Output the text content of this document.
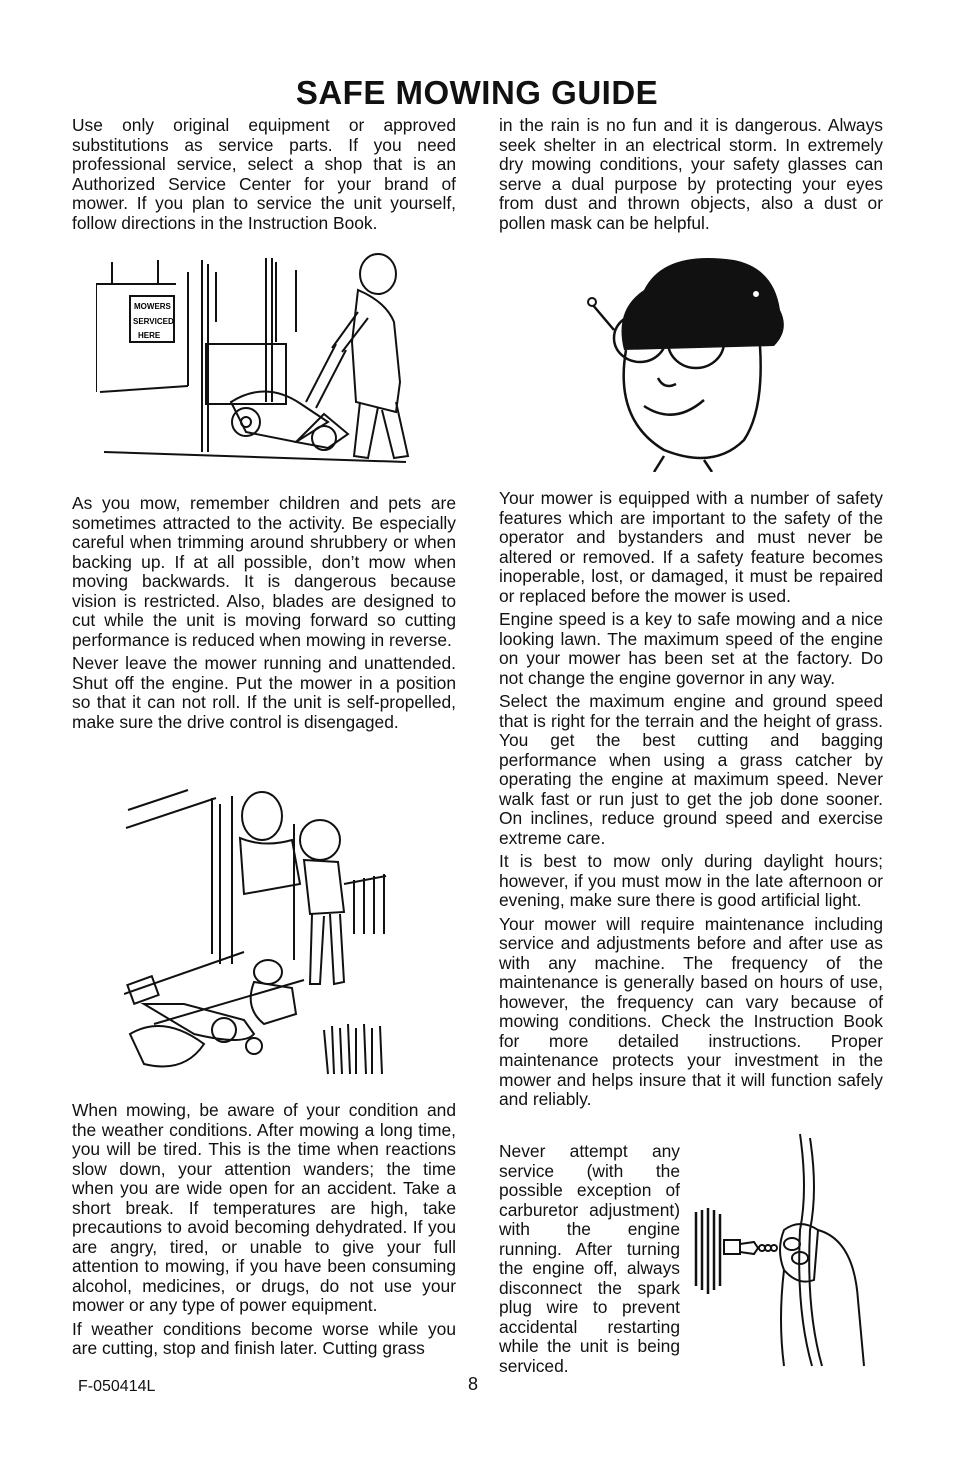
SAFE MOWING GUIDE

Use only original equipment or approved substitutions as service parts. If you need professional service, select a shop that is an Authorized Service Center for your brand of mower. If you plan to service the unit yourself, follow directions in the Instruction Book.

MOWERS
SERVICED
HERE

As you mow, remember children and pets are sometimes attracted to the activity. Be especially careful when trimming around shrubbery or when backing up. If at all possible, don’t mow when moving backwards. It is dangerous because vision is restricted. Also, blades are designed to cut while the unit is moving forward so cutting performance is reduced when mowing in reverse.

Never leave the mower running and unattended. Shut off the engine. Put the mower in a position so that it can not roll. If the unit is self-propelled, make sure the drive control is disengaged.

When mowing, be aware of your condition and the weather conditions. After mowing a long time, you will be tired. This is the time when reactions slow down, your attention wanders; the time when you are wide open for an accident. Take a short break. If temperatures are high, take precautions to avoid becoming dehydrated. If you are angry, tired, or unable to give your full attention to mowing, if you have been consuming alcohol, medicines, or drugs, do not use your mower or any type of power equipment.

If weather conditions become worse while you are cutting, stop and finish later. Cutting grass

in the rain is no fun and it is dangerous. Always seek shelter in an electrical storm. In extremely dry mowing conditions, your safety glasses can serve a dual purpose by protecting your eyes from dust and thrown objects, also a dust or pollen mask can be helpful.

Your mower is equipped with a number of safety features which are important to the safety of the operator and bystanders and must never be altered or removed. If a safety feature becomes inoperable, lost, or damaged, it must be repaired or replaced before the mower is used.

Engine speed is a key to safe mowing and a nice looking lawn. The maximum speed of the engine on your mower has been set at the factory. Do not change the engine governor in any way.

Select the maximum engine and ground speed that is right for the terrain and the height of grass. You get the best cutting and bagging performance when using a grass catcher by operating the engine at maximum speed. Never walk fast or run just to get the job done sooner. On inclines, reduce ground speed and exercise extreme care.

It is best to mow only during daylight hours; however, if you must mow in the late afternoon or evening, make sure there is good artificial light.

Your mower will require maintenance including service and adjustments before and after use as with any machine. The frequency of the maintenance is generally based on hours of use, however, the frequency can vary because of mowing conditions. Check the Instruction Book for more detailed instructions. Proper maintenance protects your investment in the mower and helps insure that it will function safely and reliably.

Never attempt any service (with the possible exception of carburetor adjustment) with the engine running. After turning the engine off, always disconnect the spark plug wire to prevent accidental restarting while the unit is being serviced.

F-050414L	8
